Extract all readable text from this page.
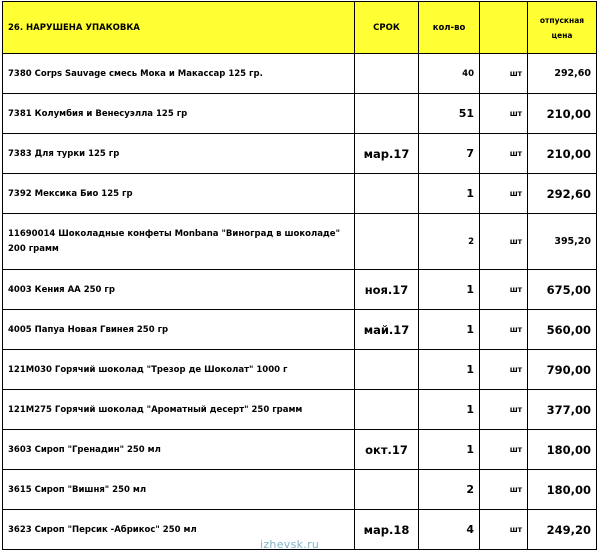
26. НАРУШЕНА УПАКОВКА	СРОК	кол-во		отпускная цена
7380 Corps Sauvage смесь Мока и Макассар 125 гр.		40	шт	292,60
7381 Колумбия и Венесуэлла 125 гр		51	шт	210,00
7383 Для турки 125 гр	мар.17	7	шт	210,00
7392 Мексика Био 125 гр		1	шт	292,60
11690014 Шоколадные конфеты Monbana "Виноград в шоколаде" 200 грамм		2	шт	395,20
4003 Кения АА 250 гр	ноя.17	1	шт	675,00
4005 Папуа Новая Гвинея 250 гр	май.17	1	шт	560,00
121M030 Горячий шоколад "Трезор де Шоколат" 1000 г		1	шт	790,00
121M275 Горячий шоколад "Ароматный десерт" 250 грамм		1	шт	377,00
3603 Сироп "Гренадин" 250 мл	окт.17	1	шт	180,00
3615 Сироп "Вишня" 250 мл		2	шт	180,00
3623 Сироп "Персик -Абрикос" 250 мл	мар.18	4	шт	249,20
izhevsk.ru
